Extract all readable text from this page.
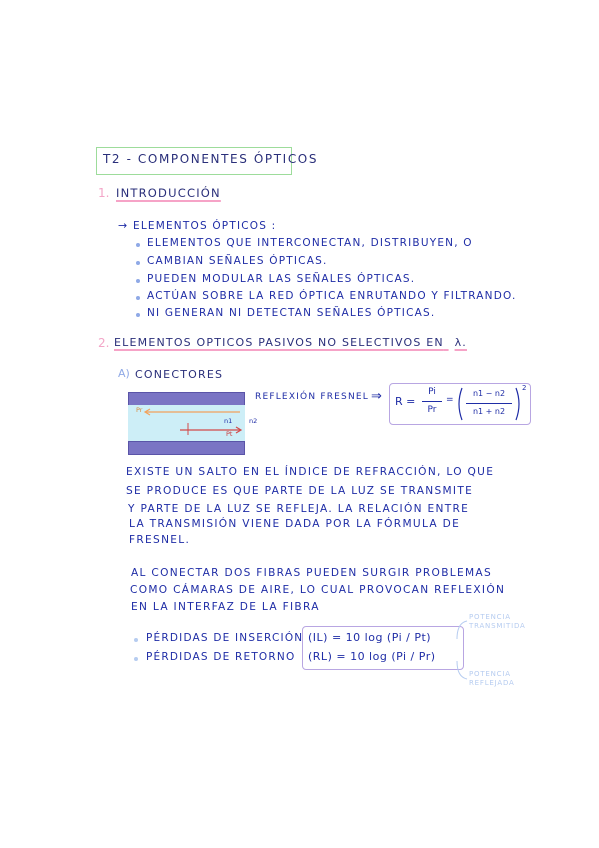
T2 - COMPONENTES ÓPTICOS
1. INTRODUCCIÓN
→ ELEMENTOS ÓPTICOS :
ELEMENTOS QUE INTERCONECTAN, DISTRIBUYEN, O
CAMBIAN SEÑALES ÓPTICAS.
PUEDEN MODULAR LAS SEÑALES ÓPTICAS.
ACTÚAN SOBRE LA RED ÓPTICA ENRUTANDO Y FILTRANDO.
NI GENERAN NI DETECTAN SEÑALES ÓPTICAS.
2. ELEMENTOS OPTICOS PASIVOS NO SELECTIVOS EN λ.
A) CONECTORES
Pr
Pt
n1	n2
REFLEXIÓN FRESNEL ⇒ R =
Pi
Pr
=
n1 − n2
n1 + n2
2
EXISTE UN SALTO EN EL ÍNDICE DE REFRACCIÓN, LO QUE
SE PRODUCE ES QUE PARTE DE LA LUZ SE TRANSMITE
Y PARTE DE LA LUZ SE REFLEJA. LA RELACIÓN ENTRE
LA TRANSMISIÓN VIENE DADA POR LA FÓRMULA DE
FRESNEL.
AL CONECTAR DOS FIBRAS PUEDEN SURGIR PROBLEMAS
COMO CÁMARAS DE AIRE, LO CUAL PROVOCAN REFLEXIÓN
EN LA INTERFAZ DE LA FIBRA
PÉRDIDAS DE INSERCIÓN
PÉRDIDAS DE RETORNO
(IL) = 10 log (Pi / Pt)
(RL) = 10 log (Pi / Pr)
POTENCIA
TRANSMITIDA
POTENCIA
REFLEJADA
